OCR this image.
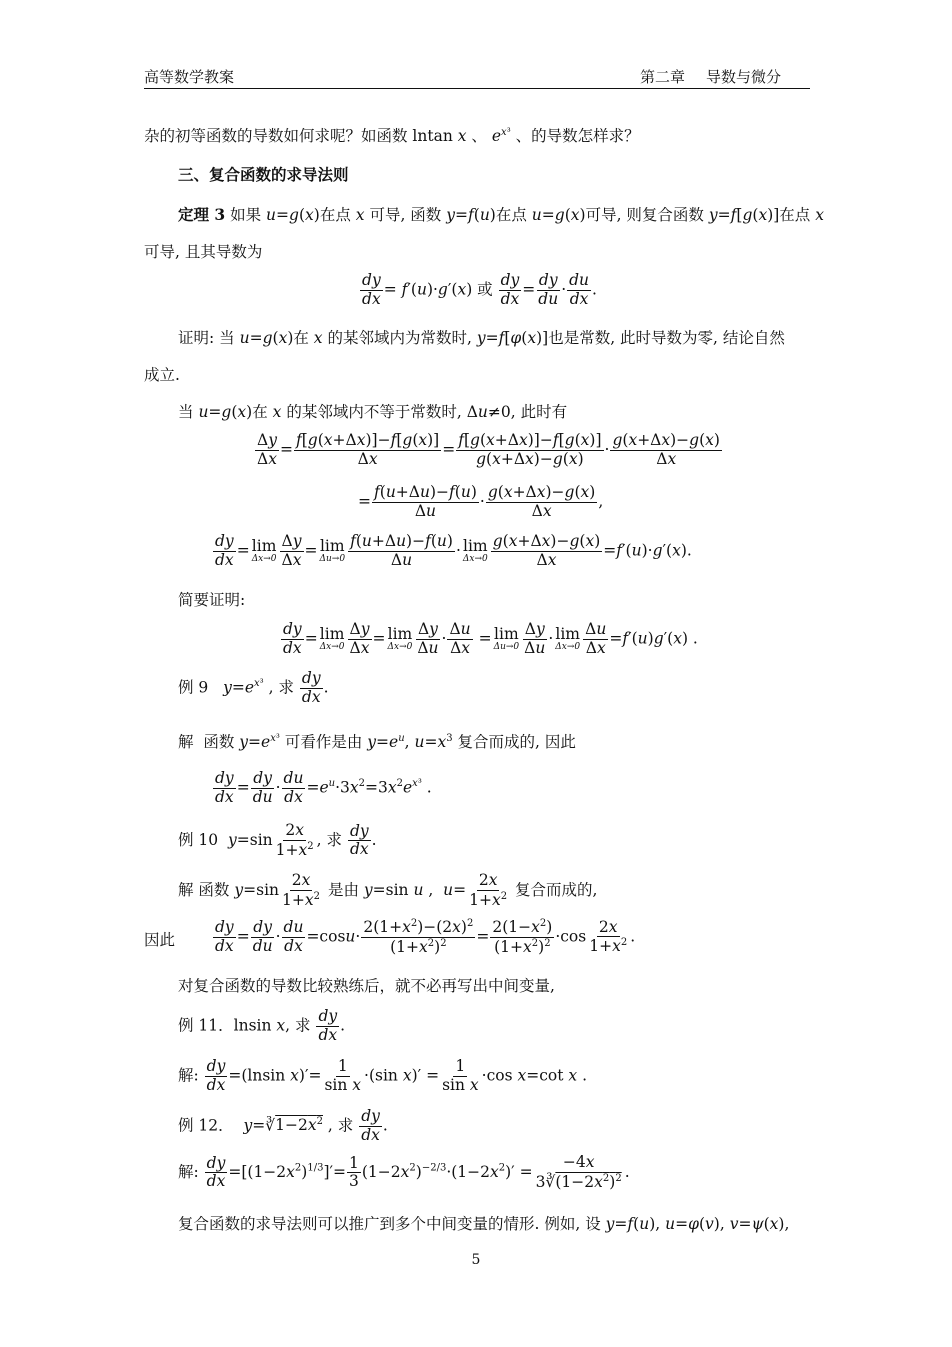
高等数学教案	第二章 导数与微分
杂的初等函数的导数如何求呢？如函数 lntan x 、 $e^{x^3}$ 、的导数怎样求？
三、复合函数的求导法则
定理 3 如果 u=g(x)在点 x 可导, 函数 y=f(u)在点 u=g(x)可导, 则复合函数 y=f[g(x)]在点 x
可导, 且其导数为
$\frac{dy}{dx} = f'(u)\cdot g'(x)$ 或 $\frac{dy}{dx} = \frac{dy}{du} \cdot \frac{du}{dx}$ .
证明: 当 u=g(x)在 x 的某邻域内为常数时, y=f[φ(x)]也是常数, 此时导数为零, 结论自然
成立.
当 u=g(x)在 x 的某邻域内不等于常数时, Δu≠0, 此时有
$\frac{\Delta y}{\Delta x} = \frac{f[g(x+\Delta x)]-f[g(x)]}{\Delta x} = \frac{f[g(x+\Delta x)]-f[g(x)]}{g(x+\Delta x)-g(x)} \cdot \frac{g(x+\Delta x)-g(x)}{\Delta x}$
= $\frac{f(u+\Delta u)-f(u)}{\Delta u} \cdot \frac{g(x+\Delta x)-g(x)}{\Delta x}$ ,
$\frac{dy}{dx} = \lim$
$\Delta x\to 0 \frac{\Delta y}{\Delta x} = \lim$
$\Delta u\to 0 \frac{f(u+\Delta u)-f(u)}{\Delta u} \cdot \lim$
$\Delta x\to 0 \frac{g(x+\Delta x)-g(x)}{\Delta x} =f'(u)\cdot g'(x)$.
简要证明:
$\frac{dy}{dx} = \lim$
$\Delta x\to 0 \frac{\Delta y}{\Delta x} = \lim$
$\Delta x\to 0 \frac{\Delta y}{\Delta u} \cdot \frac{\Delta u}{\Delta x} = \lim$
$\Delta u\to 0 \frac{\Delta y}{\Delta u} \cdot \lim$
$\Delta x\to 0 \frac{\Delta u}{\Delta x} =f'(u)g'(x)$ .
例 9 $y=e^{x^3}$ , 求 $\frac{dy}{dx}$ .
解  函数 $y=e^{x^3}$ 可看作是由 $y=e^u$, $u=x^3$ 复合而成的, 因此
$\frac{dy}{dx} = \frac{dy}{du} \cdot \frac{du}{dx} =e^u\cdot 3x^2=3x^2e^{x^3}$ .
例 10 $y=\sin \frac{2x}{1+x^2}$ , 求 $\frac{dy}{dx}$ .
解 函数 $y=\sin \frac{2x}{1+x^2}$ 是由 y=sin u ,  $u= \frac{2x}{1+x^2}$ 复合而成的,
因此 $\frac{dy}{dx} = \frac{dy}{du} \cdot \frac{du}{dx} =\cos u\cdot \frac{2(1+x^2)-(2x)^2}{(1+x^2)^2} = \frac{2(1-x^2)}{(1+x^2)^2} \cdot\cos \frac{2x}{1+x^2}$ .
对复合函数的导数比较熟练后，就不必再写出中间变量,
例 11．lnsin x, 求 $\frac{dy}{dx}$ .
解: $\frac{dy}{dx} =(lnsin$ $x)'= \frac{1}{\text{sin x}} \cdot(\sin$ $x)' = \frac{1}{\text{sin x}} \cdot\cos$ x=cot x .
例 12． $y=∛1-2x^2$ , 求 $\frac{dy}{dx}$ .
解: $\frac{dy}{dx} =[(1-2x^2)^{1/3}]'= \frac{1}{3} (1-2x^2)^{-2/3}\cdot(1-2x^2)' = \frac{-4x}{3∛(1-2x^2)^2}$ .
复合函数的求导法则可以推广到多个中间变量的情形. 例如, 设 y=f(u), u=φ(v), v=ψ(x),
5
